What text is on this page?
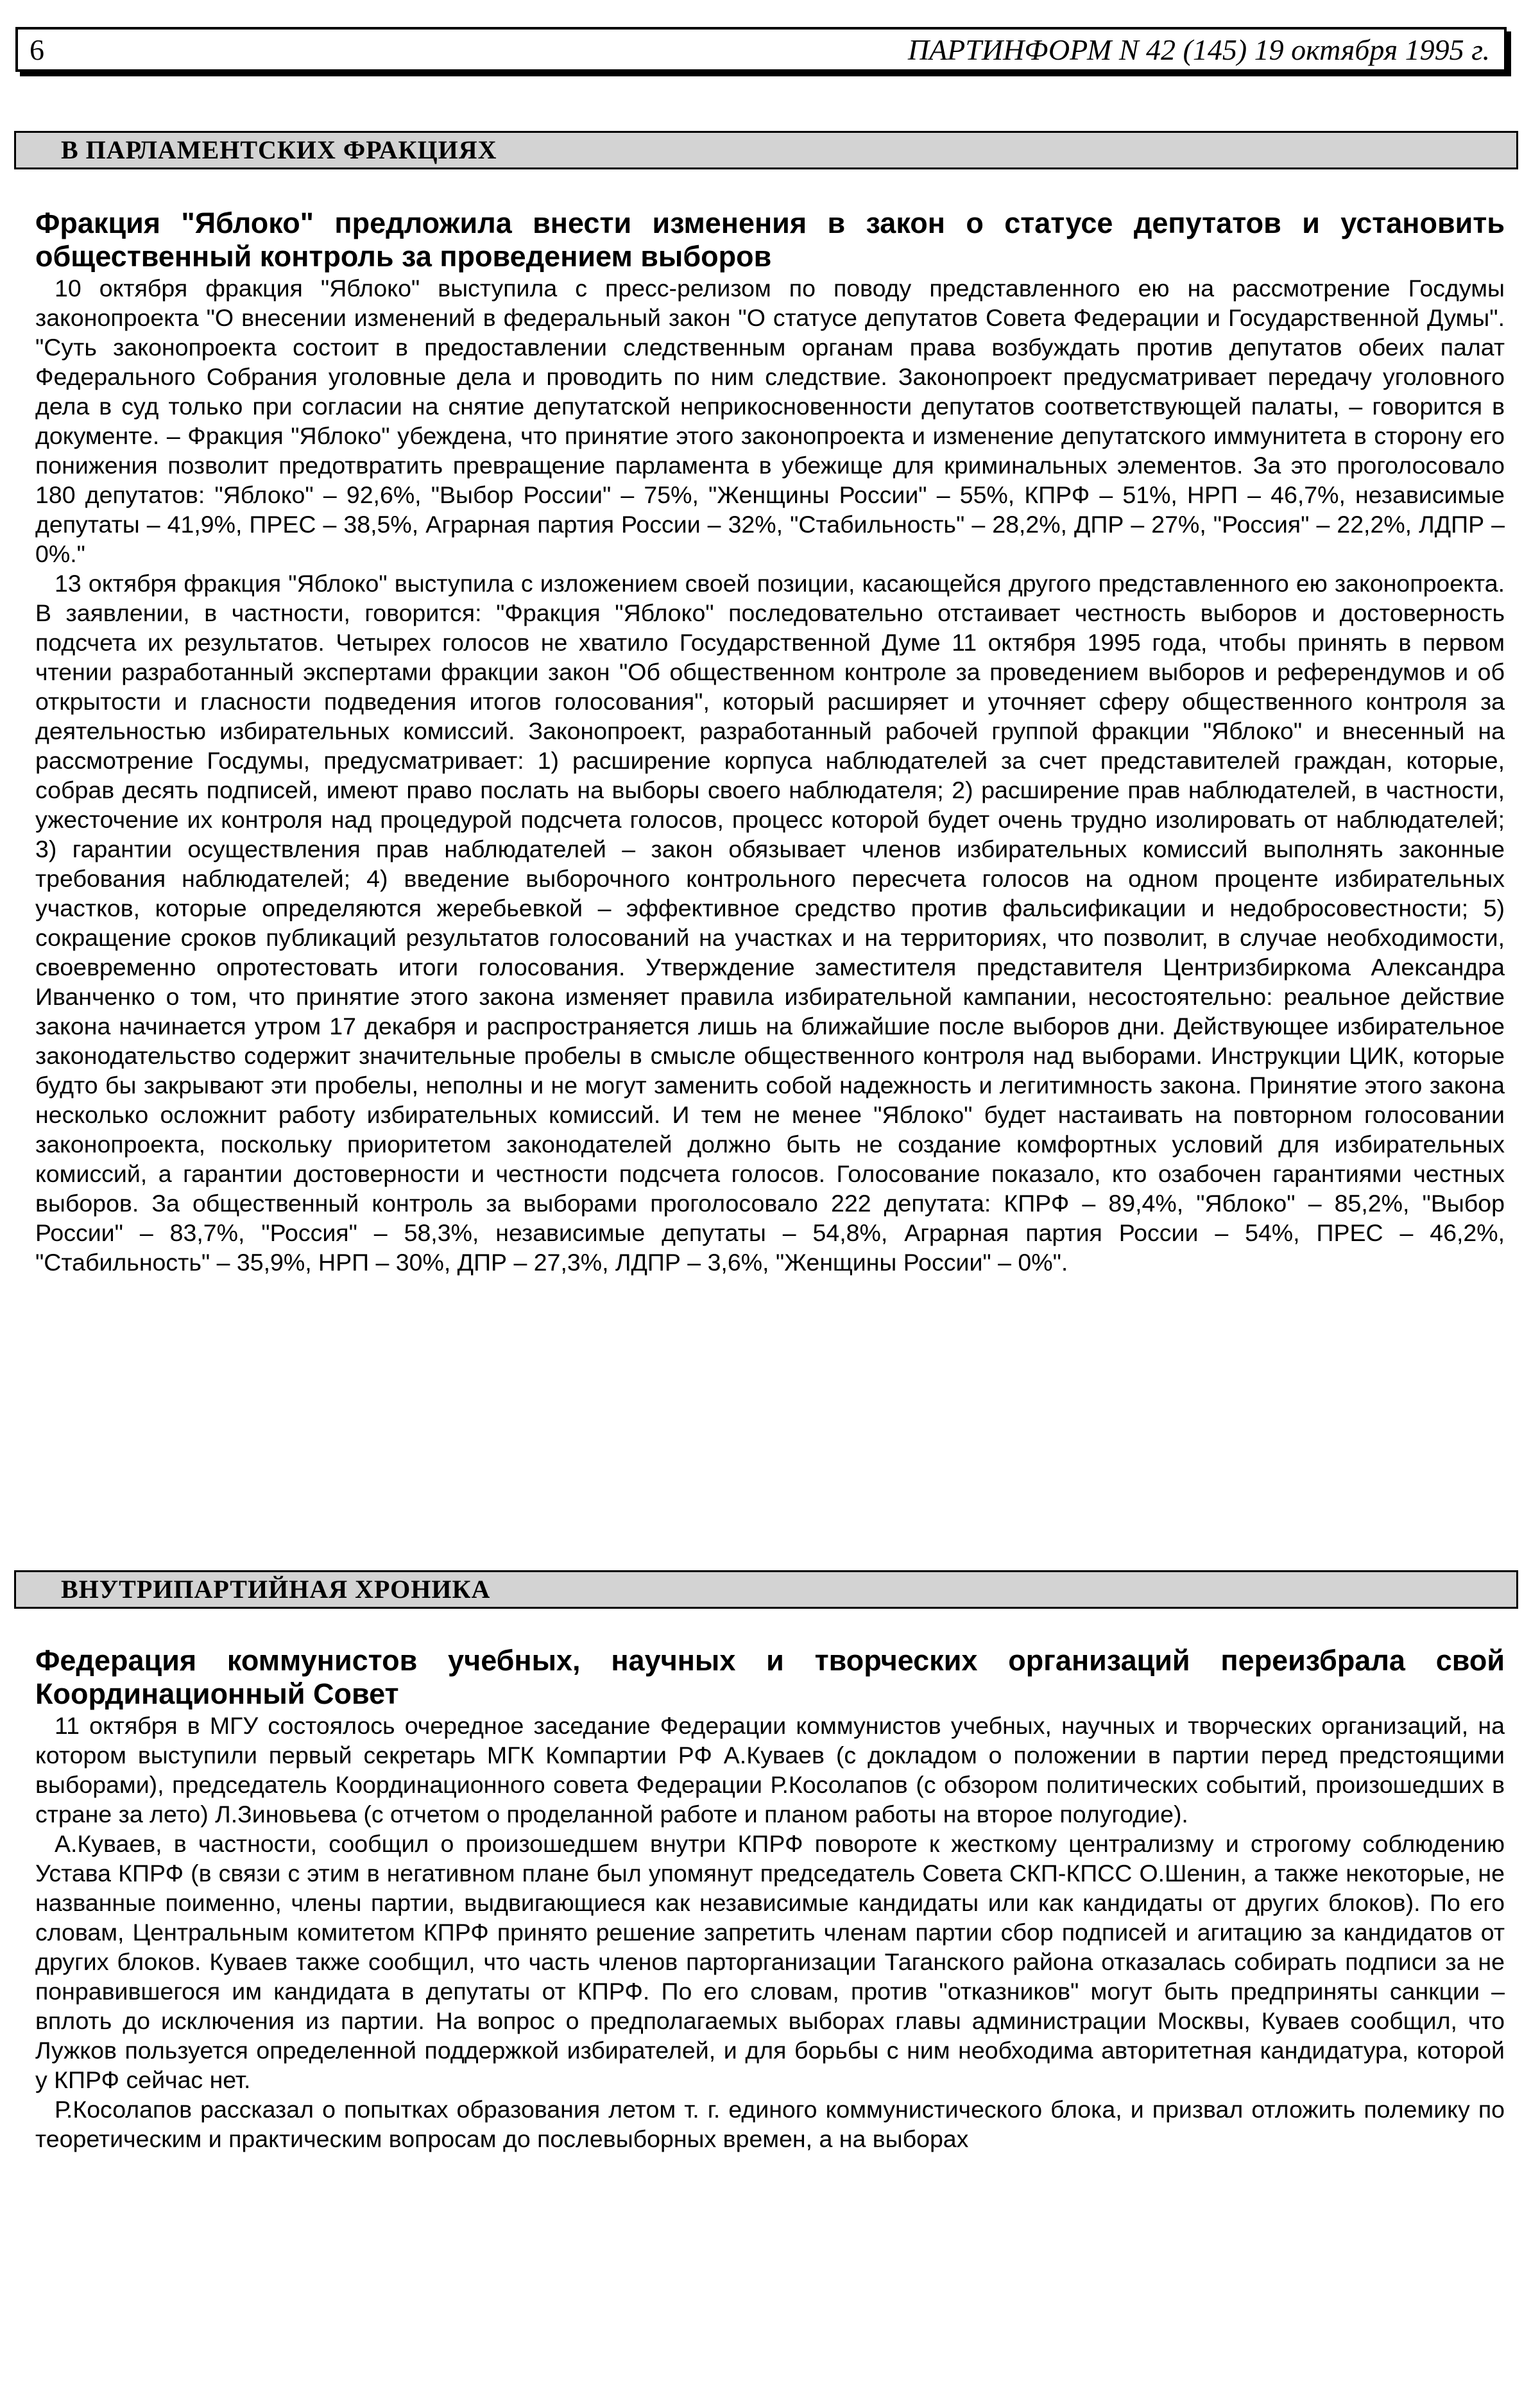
6	ПАРТИНФОРМ N 42 (145) 19 октября 1995 г.
В ПАРЛАМЕНТСКИХ ФРАКЦИЯХ
Фракция "Яблоко" предложила внести изменения в закон о статусе депутатов и установить общественный контроль за проведением выборов

10 октября фракция "Яблоко" выступила с пресс-релизом по поводу представленного ею на рассмотрение Госдумы законопроекта "О внесении изменений в федеральный закон "О статусе депутатов Совета Федерации и Государственной Думы". "Суть законопроекта состоит в предоставлении следственным органам права возбуждать против депутатов обеих палат Федерального Собрания уголовные дела и проводить по ним следствие. Законопроект предусматривает передачу уголовного дела в суд только при согласии на снятие депутатской неприкосновенности депутатов соответствующей палаты, – говорится в документе. – Фракция "Яблоко" убеждена, что принятие этого законопроекта и изменение депутатского иммунитета в сторону его понижения позволит предотвратить превращение парламента в убежище для криминальных элементов. За это проголосовало 180 депутатов: "Яблоко" – 92,6%, "Выбор России" – 75%, "Женщины России" – 55%, КПРФ – 51%, НРП – 46,7%, независимые депутаты – 41,9%, ПРЕС – 38,5%, Аграрная партия России – 32%, "Стабильность" – 28,2%, ДПР – 27%, "Россия" – 22,2%, ЛДПР – 0%."

13 октября фракция "Яблоко" выступила с изложением своей позиции, касающейся другого представленного ею законопроекта. В заявлении, в частности, говорится: "Фракция "Яблоко" последовательно отстаивает честность выборов и достоверность подсчета их результатов. Четырех голосов не хватило Государственной Думе 11 октября 1995 года, чтобы принять в первом чтении разработанный экспертами фракции закон "Об общественном контроле за проведением выборов и референдумов и об открытости и гласности подведения итогов голосования", который расширяет и уточняет сферу общественного контроля за деятельностью избирательных комиссий. Законопроект, разработанный рабочей группой фракции "Яблоко" и внесенный на рассмотрение Госдумы, предусматривает: 1) расширение корпуса наблюдателей за счет представителей граждан, которые, собрав десять подписей, имеют право послать на выборы своего наблюдателя; 2) расширение прав наблюдателей, в частности, ужесточение их контроля над процедурой подсчета голосов, процесс которой будет очень трудно изолировать от наблюдателей; 3) гарантии осуществления прав наблюдателей – закон обязывает членов избирательных комиссий выполнять законные требования наблюдателей; 4) введение выборочного контрольного пересчета голосов на одном проценте избирательных участков, которые определяются жеребьевкой – эффективное средство против фальсификации и недобросовестности; 5) сокращение сроков публикаций результатов голосований на участках и на территориях, что позволит, в случае необходимости, своевременно опротестовать итоги голосования. Утверждение заместителя представителя Центризбиркома Александра Иванченко о том, что принятие этого закона изменяет правила избирательной кампании, несостоятельно: реальное действие закона начинается утром 17 декабря и распространяется лишь на ближайшие после выборов дни. Действующее избирательное законодательство содержит значительные пробелы в смысле общественного контроля над выборами. Инструкции ЦИК, которые будто бы закрывают эти пробелы, неполны и не могут заменить собой надежность и легитимность закона. Принятие этого закона несколько осложнит работу избирательных комиссий. И тем не менее "Яблоко" будет настаивать на повторном голосовании законопроекта, поскольку приоритетом законодателей должно быть не создание комфортных условий для избирательных комиссий, а гарантии достоверности и честности подсчета голосов. Голосование показало, кто озабочен гарантиями честных выборов. За общественный контроль за выборами проголосовало 222 депутата: КПРФ – 89,4%, "Яблоко" – 85,2%, "Выбор России" – 83,7%, "Россия" – 58,3%, независимые депутаты – 54,8%, Аграрная партия России – 54%, ПРЕС – 46,2%, "Стабильность" – 35,9%, НРП – 30%, ДПР – 27,3%, ЛДПР – 3,6%, "Женщины России" – 0%".

ВНУТРИПАРТИЙНАЯ ХРОНИКА
Федерация коммунистов учебных, научных и творческих организаций переизбрала свой Координационный Совет

11 октября в МГУ состоялось очередное заседание Федерации коммунистов учебных, научных и творческих организаций, на котором выступили первый секретарь МГК Компартии РФ А.Куваев (с докладом о положении в партии перед предстоящими выборами), председатель Координационного совета Федерации Р.Косолапов (с обзором политических событий, произошедших в стране за лето) Л.Зиновьева (с отчетом о проделанной работе и планом работы на второе полугодие).

А.Куваев, в частности, сообщил о произошедшем внутри КПРФ повороте к жесткому централизму и строгому соблюдению Устава КПРФ (в связи с этим в негативном плане был упомянут председатель Совета СКП-КПСС О.Шенин, а также некоторые, не названные поименно, члены партии, выдвигающиеся как независимые кандидаты или как кандидаты от других блоков). По его словам, Центральным комитетом КПРФ принято решение запретить членам партии сбор подписей и агитацию за кандидатов от других блоков. Куваев также сообщил, что часть членов парторганизации Таганского района отказалась собирать подписи за не понравившегося им кандидата в депутаты от КПРФ. По его словам, против "отказников" могут быть предприняты санкции – вплоть до исключения из партии. На вопрос о предполагаемых выборах главы администрации Москвы, Куваев сообщил, что Лужков пользуется определенной поддержкой избирателей, и для борьбы с ним необходима авторитетная кандидатура, которой у КПРФ сейчас нет.

Р.Косолапов рассказал о попытках образования летом т. г. единого коммунистического блока, и призвал отложить полемику по теоретическим и практическим вопросам до послевыборных времен, а на выборах
